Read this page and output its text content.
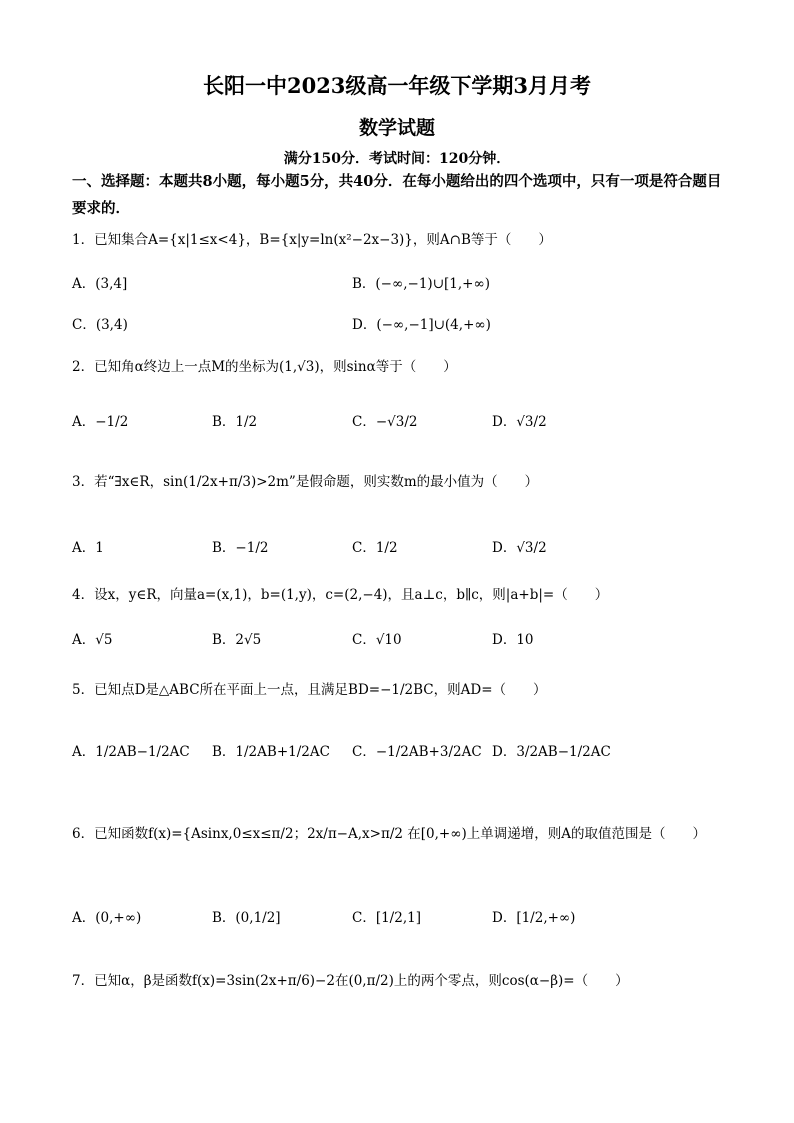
长阳一中2023级高一年级下学期3月月考
数学试题
满分150分．考试时间：120分钟．
一、选择题：本题共8小题，每小题5分，共40分．在每小题给出的四个选项中，只有一项是符合题目要求的．
1．已知集合A={x|1≤x<4}，B={x|y=ln(x²−2x−3)}，则A∩B等于（　　）
A．(3,4]	B．(−∞,−1)∪[1,+∞)
C．(3,4)	D．(−∞,−1]∪(4,+∞)
2．已知角α终边上一点M的坐标为(1,√3)，则sinα等于（　　）
A．−1/2	B．1/2	C．−√3/2	D．√3/2
3．若“∃x∈R，sin(1/2x+π/3)>2m”是假命题，则实数m的最小值为（　　）
A．1	B．−1/2	C．1/2	D．√3/2
4．设x，y∈R，向量a=(x,1)，b=(1,y)，c=(2,−4)，且a⊥c，b∥c，则|a+b|=（　　）
A．√5	B．2√5	C．√10	D．10
5．已知点D是△ABC所在平面上一点，且满足BD=−1/2BC，则AD=（　　）
A．1/2AB−1/2AC B．1/2AB+1/2AC C．−1/2AB+3/2AC D．3/2AB−1/2AC
6．已知函数f(x)={Asinx,0≤x≤π/2；2x/π−A,x>π/2 在[0,+∞)上单调递增，则A的取值范围是（　　）
A．(0,+∞)	B．(0,1/2]	C．[1/2,1]	D．[1/2,+∞)
7．已知α，β是函数f(x)=3sin(2x+π/6)−2在(0,π/2)上的两个零点，则cos(α−β)=（　　）
